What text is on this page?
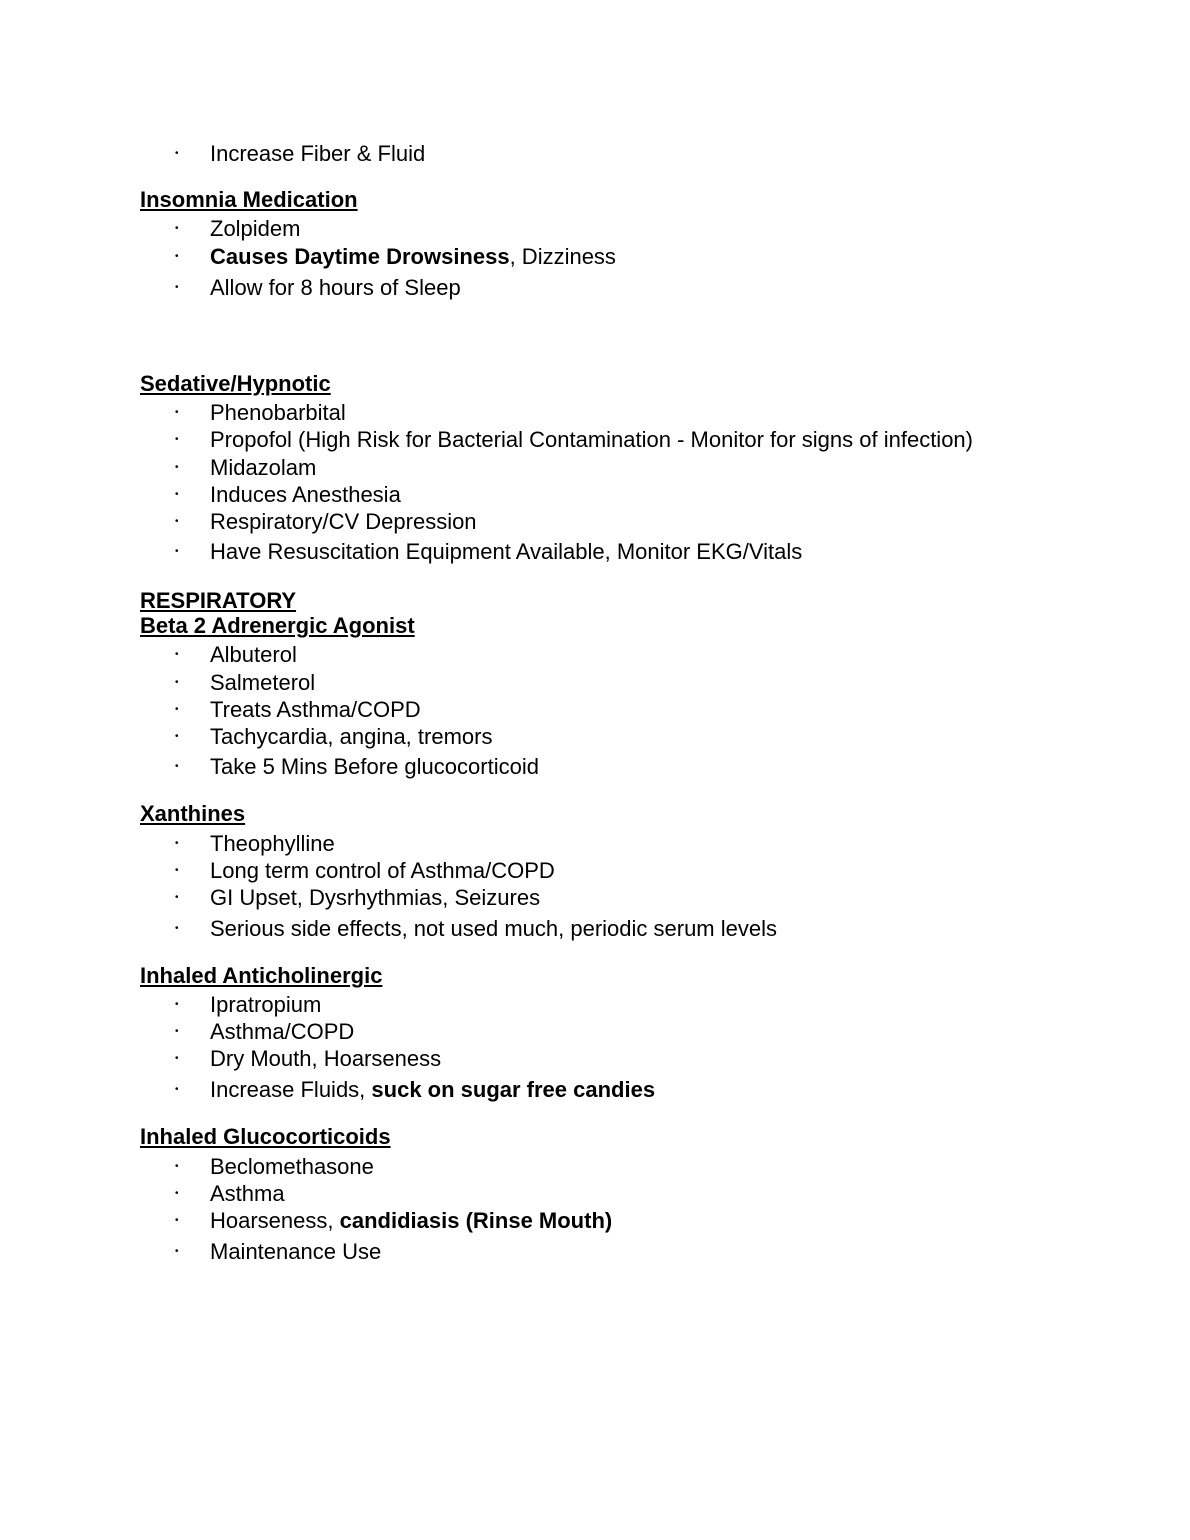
• Increase Fiber & Fluid
Insomnia Medication
• Zolpidem
• Causes Daytime Drowsiness, Dizziness
• Allow for 8 hours of Sleep
Sedative/Hypnotic
• Phenobarbital
• Propofol (High Risk for Bacterial Contamination - Monitor for signs of infection)
• Midazolam
• Induces Anesthesia
• Respiratory/CV Depression
• Have Resuscitation Equipment Available, Monitor EKG/Vitals
RESPIRATORY
Beta 2 Adrenergic Agonist
• Albuterol
• Salmeterol
• Treats Asthma/COPD
• Tachycardia, angina, tremors
• Take 5 Mins Before glucocorticoid
Xanthines
• Theophylline
• Long term control of Asthma/COPD
• GI Upset, Dysrhythmias, Seizures
• Serious side effects, not used much, periodic serum levels
Inhaled Anticholinergic
• Ipratropium
• Asthma/COPD
• Dry Mouth, Hoarseness
• Increase Fluids, suck on sugar free candies
Inhaled Glucocorticoids
• Beclomethasone
• Asthma
• Hoarseness, candidiasis (Rinse Mouth)
• Maintenance Use
